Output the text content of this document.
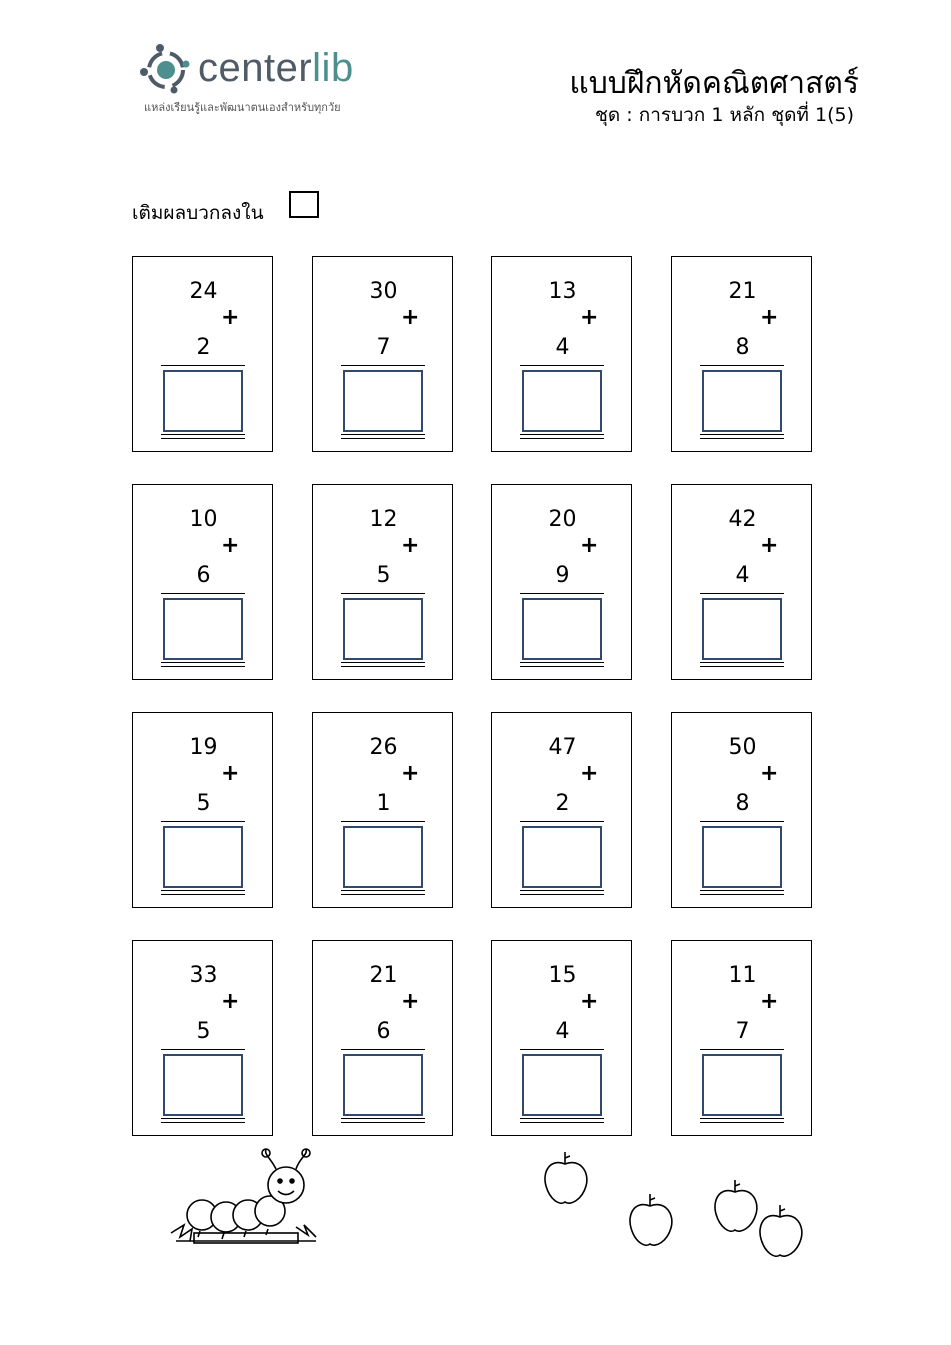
centerlib
แหล่งเรียนรู้และพัฒนาตนเองสำหรับทุกวัย
แบบฝึกหัดคณิตศาสตร์
ชุด : การบวก 1 หลัก ชุดที่ 1(5)
เติมผลบวกลงใน
24
+
2
30
+
7
13
+
4
21
+
8
10
+
6
12
+
5
20
+
9
42
+
4
19
+
5
26
+
1
47
+
2
50
+
8
33
+
5
21
+
6
15
+
4
11
+
7
